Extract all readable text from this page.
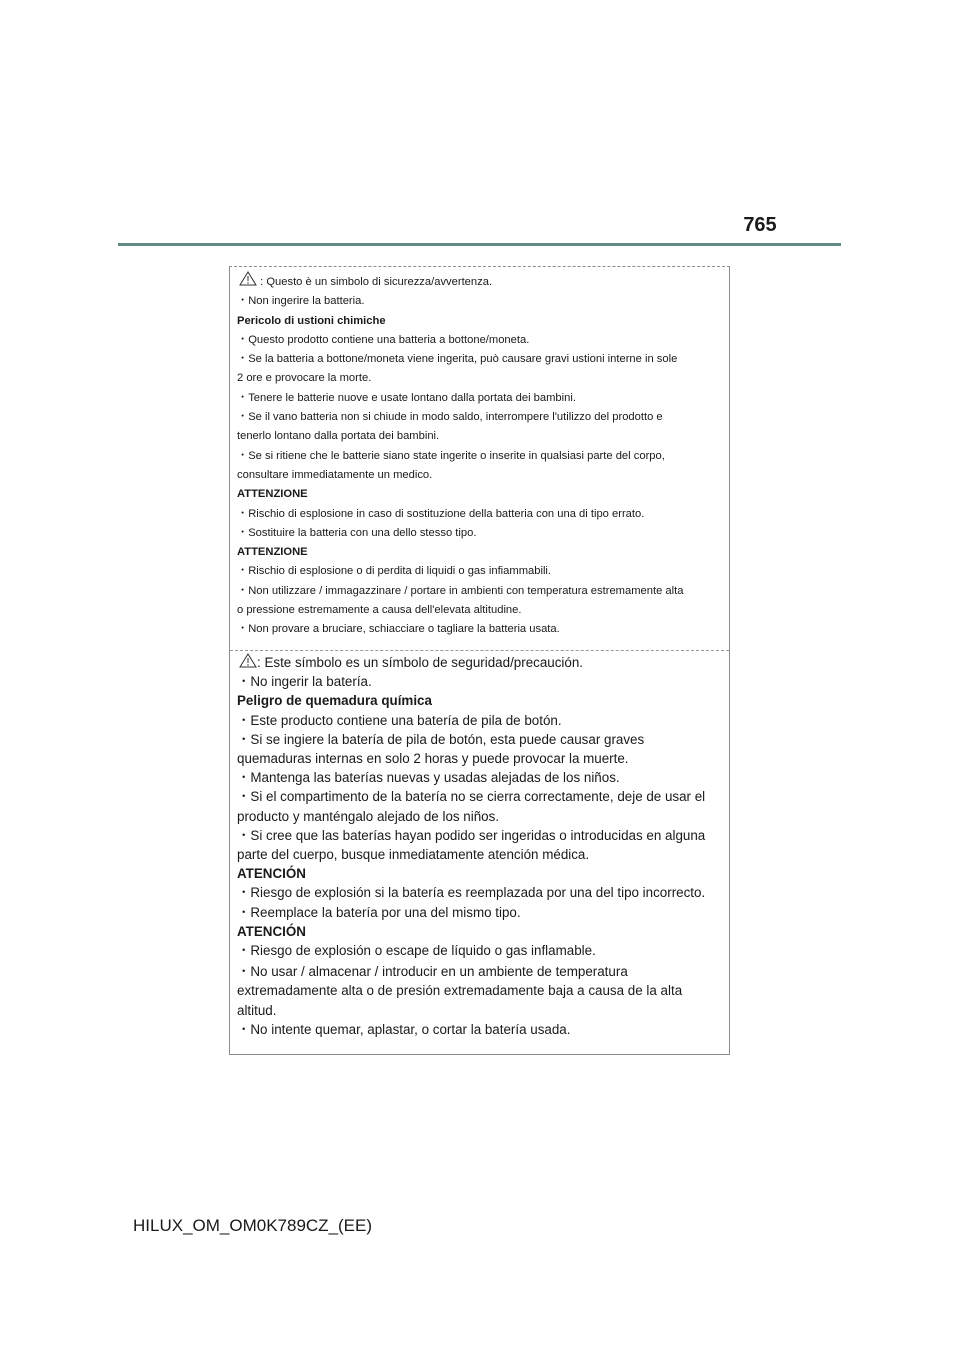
765
: Questo è un simbolo di sicurezza/avvertenza.
・Non ingerire la batteria.
Pericolo di ustioni chimiche
・Questo prodotto contiene una batteria a bottone/moneta.
・Se la batteria a bottone/moneta viene ingerita, può causare gravi ustioni interne in sole
2 ore e provocare la morte.
・Tenere le batterie nuove e usate lontano dalla portata dei bambini.
・Se il vano batteria non si chiude in modo saldo, interrompere l'utilizzo del prodotto e
tenerlo lontano dalla portata dei bambini.
・Se si ritiene che le batterie siano state ingerite o inserite in qualsiasi parte del corpo,
consultare immediatamente un medico.
ATTENZIONE
・Rischio di esplosione in caso di sostituzione della batteria con una di tipo errato.
・Sostituire la batteria con una dello stesso tipo.
ATTENZIONE
・Rischio di esplosione o di perdita di liquidi o gas infiammabili.
・Non utilizzare / immagazzinare / portare in ambienti con temperatura estremamente alta
o pressione estremamente a causa dell'elevata altitudine.
・Non provare a bruciare, schiacciare o tagliare la batteria usata.
: Este símbolo es un símbolo de seguridad/precaución.
・No ingerir la batería.
Peligro de quemadura química
・Este producto contiene una batería de pila de botón.
・Si se ingiere la batería de pila de botón, esta puede causar graves
quemaduras internas en solo 2 horas y puede provocar la muerte.
・Mantenga las baterías nuevas y usadas alejadas de los niños.
・Si el compartimento de la batería no se cierra correctamente, deje de usar el
producto y manténgalo alejado de los niños.
・Si cree que las baterías hayan podido ser ingeridas o introducidas en alguna
parte del cuerpo, busque inmediatamente atención médica.
ATENCIÓN
・Riesgo de explosión si la batería es reemplazada por una del tipo incorrecto.
・Reemplace la batería por una del mismo tipo.
ATENCIÓN
・Riesgo de explosión o escape de líquido o gas inflamable.
・No usar / almacenar / introducir en un ambiente de temperatura
extremadamente alta o de presión extremadamente baja a causa de la alta
altitud.
・No intente quemar, aplastar, o cortar la batería usada.
HILUX_OM_OM0K789CZ_(EE)
